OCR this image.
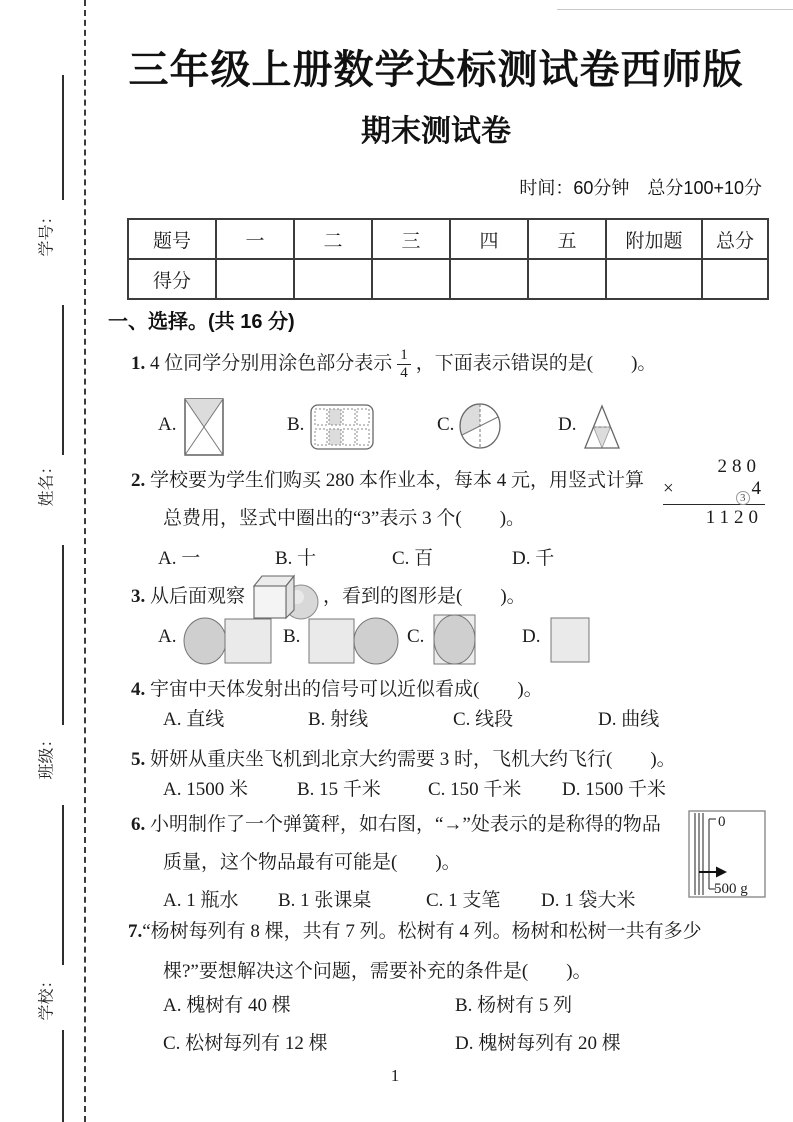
学号：
姓名：
班级：
学校：
三年级上册数学达标测试卷西师版
期末测试卷
时间：60分钟　总分100+10分
题号	一	二	三	四	五	附加题	总分
得分							
一、选择。(共 16 分)
1.
4 位同学分别用涂色部分表示 $\frac{1}{4}$ ，下面表示错误的是(　　)。
A.	B.	C.	D.
280
×	3 4
1120
2. 学校要为学生们购买 280 本作业本，每本 4 元，用竖式计算
总费用，竖式中圈出的“3”表示 3 个(　　)。
A. 一	B. 十	C. 百	D. 千
3.
从后面观察	，看到的图形是(　　)。
A.	B.	C.	D.
4. 宇宙中天体发射出的信号可以近似看成(　　)。
A. 直线	B. 射线	C. 线段	D. 曲线
5. 妍妍从重庆坐飞机到北京大约需要 3 时，飞机大约飞行(　　)。
A. 1500 米	B. 15 千米	C. 150 千米	D. 1500 千米
6. 小明制作了一个弹簧秤，如右图，“→”处表示的是称得的物品
质量，这个物品最有可能是(　　)。
A. 1 瓶水	B. 1 张课桌	C. 1 支笔	D. 1 袋大米
0
500 g
7.“杨树每列有 8 棵，共有 7 列。松树有 4 列。杨树和松树一共有多少
棵?”要想解决这个问题，需要补充的条件是(　　)。
A. 槐树有 40 棵	B. 杨树有 5 列
C. 松树每列有 12 棵	D. 槐树每列有 20 棵
1
